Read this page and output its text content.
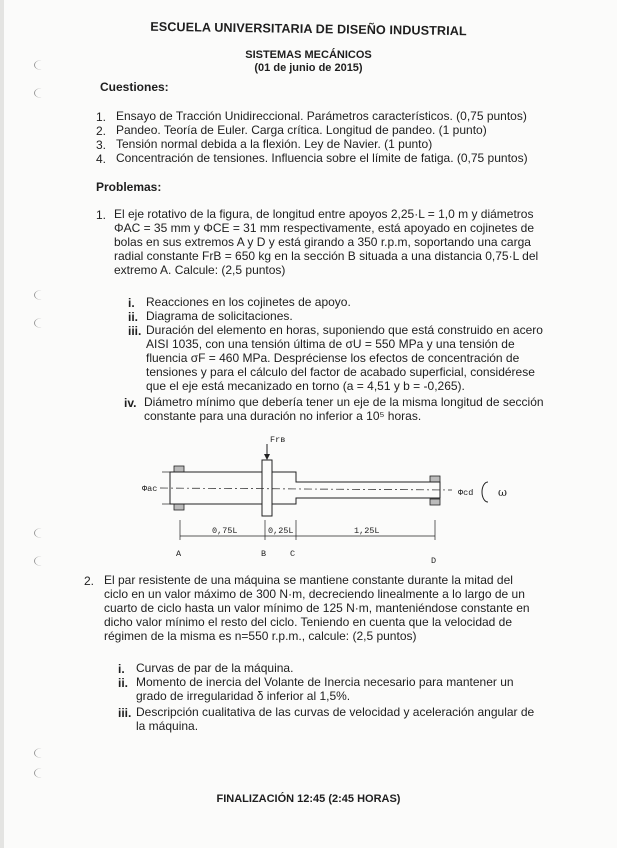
ESCUELA UNIVERSITARIA DE DISEÑO INDUSTRIAL
SISTEMAS MECÁNICOS
(01 de junio de 2015)
Cuestiones:
1. Ensayo de Tracción Unidireccional. Parámetros característicos. (0,75 puntos)
2. Pandeo. Teoría de Euler. Carga crítica. Longitud de pandeo. (1 punto)
3. Tensión normal debida a la flexión. Ley de Navier. (1 punto)
4. Concentración de tensiones. Influencia sobre el límite de fatiga. (0,75 puntos)
Problemas:
1. El eje rotativo de la figura, de longitud entre apoyos 2,25·L = 1,0 m y diámetros
ΦAC = 35 mm y ΦCE = 31 mm respectivamente, está apoyado en cojinetes de
bolas en sus extremos A y D y está girando a 350 r.p.m, soportando una carga
radial constante FrB = 650 kg en la sección B situada a una distancia 0,75·L del
extremo A. Calcule: (2,5 puntos)
i. Reacciones en los cojinetes de apoyo.
ii. Diagrama de solicitaciones.
iii. Duración del elemento en horas, suponiendo que está construido en acero
AISI 1035, con una tensión última de σU = 550 MPa y una tensión de
fluencia σF = 460 MPa. Despréciense los efectos de concentración de
tensiones y para el cálculo del factor de acabado superficial, considérese
que el eje está mecanizado en torno (a = 4,51 y b = -0,265).
iv. Diámetro mínimo que debería tener un eje de la misma longitud de sección
constante para una duración no inferior a 10⁵ horas.
Frв
Φac	Φcd ω
0,75L	0,25L	1,25L
A	B	C
D
2. El par resistente de una máquina se mantiene constante durante la mitad del
ciclo en un valor máximo de 300 N·m, decreciendo linealmente a lo largo de un
cuarto de ciclo hasta un valor mínimo de 125 N·m, manteniéndose constante en
dicho valor mínimo el resto del ciclo. Teniendo en cuenta que la velocidad de
régimen de la misma es n=550 r.p.m., calcule: (2,5 puntos)
i. Curvas de par de la máquina.
ii. Momento de inercia del Volante de Inercia necesario para mantener un
grado de irregularidad δ inferior al 1,5%.
iii. Descripción cualitativa de las curvas de velocidad y aceleración angular de
la máquina.
FINALIZACIÓN 12:45 (2:45 HORAS)
